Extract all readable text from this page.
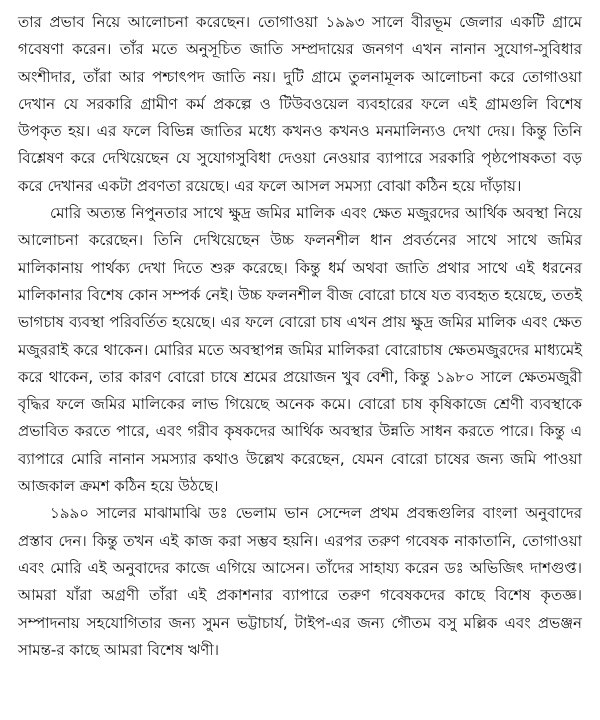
তার প্রভাব নিয়ে আলোচনা করেছেন। তোগাওয়া ১৯৯৩ সালে বীরভূম জেলার একটি গ্রামে গবেষণা করেন। তাঁর মতে অনুসূচিত জাতি সম্প্রদায়ের জনগণ এখন নানান সুযোগ-সুবিধার অংশীদার, তাঁরা আর পশ্চাৎপদ জাতি নয়। দুটি গ্রামে তুলনামূলক আলোচনা করে তোগাওয়া দেখান যে সরকারি গ্রামীণ কর্ম প্রকল্পে ও টিউবওয়েল ব্যবহারের ফলে এই গ্রামগুলি বিশেষ উপকৃত হয়। এর ফলে বিভিন্ন জাতির মধ্যে কখনও কখনও মনমালিন্যও দেখা দেয়। কিন্তু তিনি বিশ্লেষণ করে দেখিয়েছেন যে সুযোগসুবিধা দেওয়া নেওয়ার ব্যাপারে সরকারি পৃষ্ঠপোষকতা বড় করে দেখানর একটা প্রবণতা রয়েছে। এর ফলে আসল সমস্যা বোঝা কঠিন হয়ে দাঁড়ায়।

মোরি অত্যন্ত নিপুনতার সাথে ক্ষুদ্র জমির মালিক এবং ক্ষেত মজুরদের আর্থিক অবস্থা নিয়ে আলোচনা করেছেন। তিনি দেখিয়েছেন উচ্চ ফলনশীল ধান প্রবর্তনের সাথে সাথে জমির মালিকানায় পার্থক্য দেখা দিতে শুরু করেছে। কিন্তু ধর্ম অথবা জাতি প্রথার সাথে এই ধরনের মালিকানার বিশেষ কোন সম্পর্ক নেই। উচ্চ ফলনশীল বীজ বোরো চাষে যত ব্যবহৃত হয়েছে, ততই ভাগচাষ ব্যবস্থা পরিবর্তিত হয়েছে। এর ফলে বোরো চাষ এখন প্রায় ক্ষুদ্র জমির মালিক এবং ক্ষেত মজুররাই করে থাকেন। মোরির মতে অবস্থাপন্ন জমির মালিকরা বোরোচাষ ক্ষেতমজুরদের মাধ্যমেই করে থাকেন, তার কারণ বোরো চাষে শ্রমের প্রয়োজন খুব বেশী, কিন্তু ১৯৮০ সালে ক্ষেতমজুরী বৃদ্ধির ফলে জমির মালিকের লাভ গিয়েছে অনেক কমে। বোরো চাষ কৃষিকাজে শ্রেণী ব্যবস্থাকে প্রভাবিত করতে পারে, এবং গরীব কৃষকদের আর্থিক অবস্থার উন্নতি সাধন করতে পারে। কিন্তু এ ব্যাপারে মোরি নানান সমস্যার কথাও উল্লেখ করেছেন, যেমন বোরো চাষের জন্য জমি পাওয়া আজকাল ক্রমশ কঠিন হয়ে উঠছে।

১৯৯০ সালের মাঝামাঝি ডঃ ভেলাম ভান সেন্দেল প্রথম প্রবন্ধগুলির বাংলা অনুবাদের প্রস্তাব দেন। কিন্তু তখন এই কাজ করা সম্ভব হয়নি। এরপর তরুণ গবেষক নাকাতানি, তোগাওয়া এবং মোরি এই অনুবাদের কাজে এগিয়ে আসেন। তাঁদের সাহায্য করেন ডঃ অভিজিৎ দাশগুপ্ত। আমরা যাঁরা অগ্রণী তাঁরা এই প্রকাশনার ব্যাপারে তরুণ গবেষকদের কাছে বিশেষ কৃতজ্ঞ। সম্পাদনায় সহযোগিতার জন্য সুমন ভট্টাচার্য, টাইপ-এর জন্য গৌতম বসু মল্লিক এবং প্রভঞ্জন সামন্ত-র কাছে আমরা বিশেষ ঋণী।
